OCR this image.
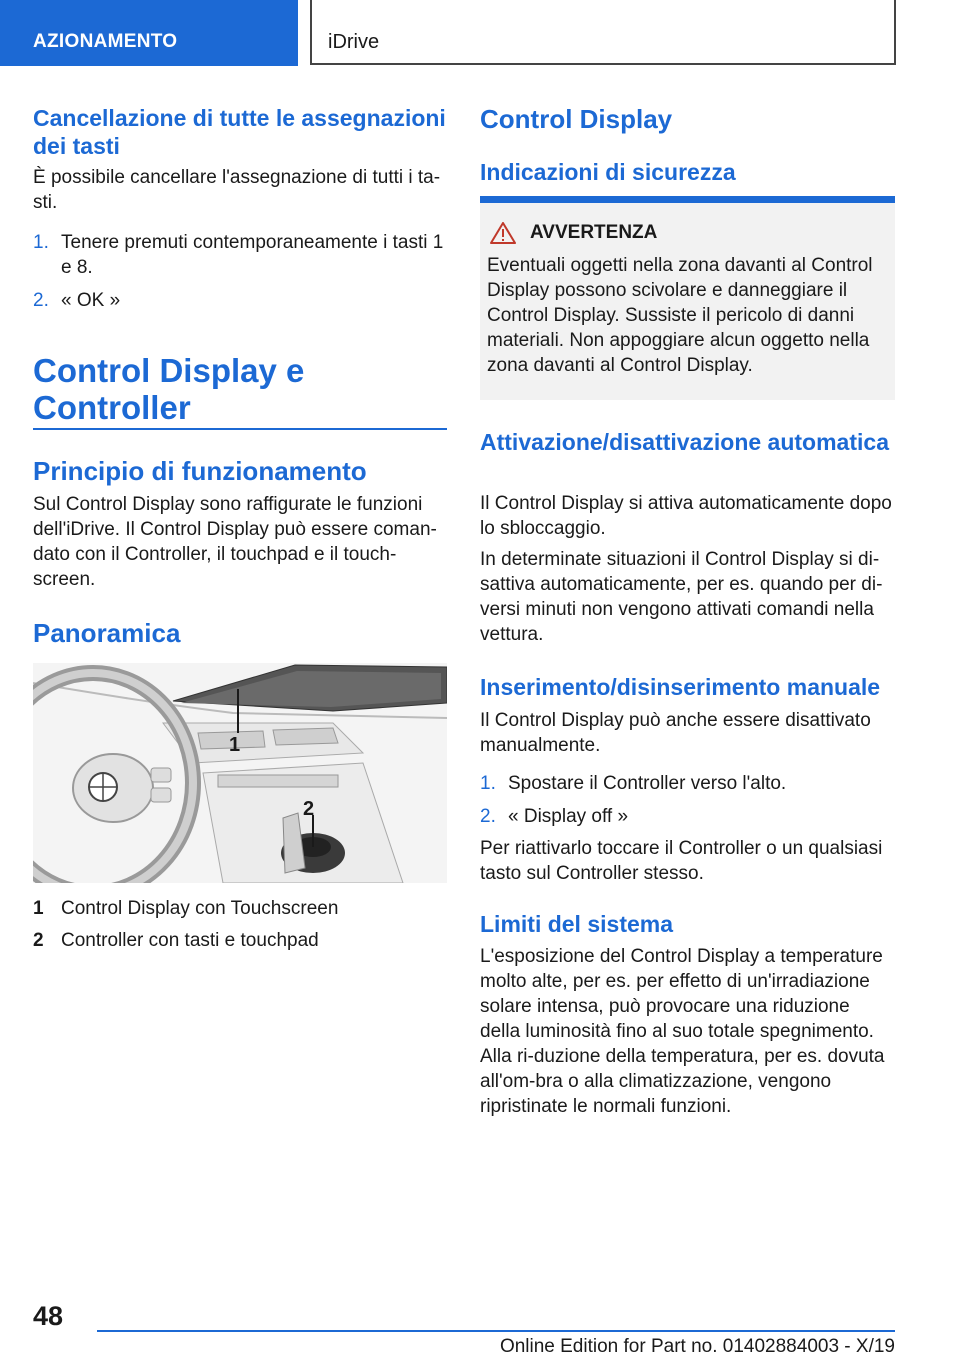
AZIONAMENTO	iDrive
Cancellazione di tutte le assegnazioni dei tasti

È possibile cancellare l'assegnazione di tutti i ta-sti.

1. Tenere premuti contemporaneamente i tasti 1 e 8.
2. « OK »
Control Display e Controller
Principio di funzionamento

Sul Control Display sono raffigurate le funzioni dell'iDrive. Il Control Display può essere coman-dato con il Controller, il touchpad e il touch-screen.

Panoramica
1
2
1 Control Display con Touchscreen
2 Controller con tasti e touchpad
Control Display
Indicazioni di sicurezza
AVVERTENZA

Eventuali oggetti nella zona davanti al Control Display possono scivolare e danneggiare il Control Display. Sussiste il pericolo di danni materiali. Non appoggiare alcun oggetto nella zona davanti al Control Display.

Attivazione/disattivazione automatica

Il Control Display si attiva automaticamente dopo lo sbloccaggio.

In determinate situazioni il Control Display si di-sattiva automaticamente, per es. quando per di-versi minuti non vengono attivati comandi nella vettura.

Inserimento/disinserimento manuale

Il Control Display può anche essere disattivato manualmente.

1. Spostare il Controller verso l'alto.
2. « Display off »

Per riattivarlo toccare il Controller o un qualsiasi tasto sul Controller stesso.

Limiti del sistema

L'esposizione del Control Display a temperature molto alte, per es. per effetto di un'irradiazione solare intensa, può provocare una riduzione della luminosità fino al suo totale spegnimento. Alla ri-duzione della temperatura, per es. dovuta all'om-bra o alla climatizzazione, vengono ripristinate le normali funzioni.

48
Online Edition for Part no. 01402884003 - X/19
